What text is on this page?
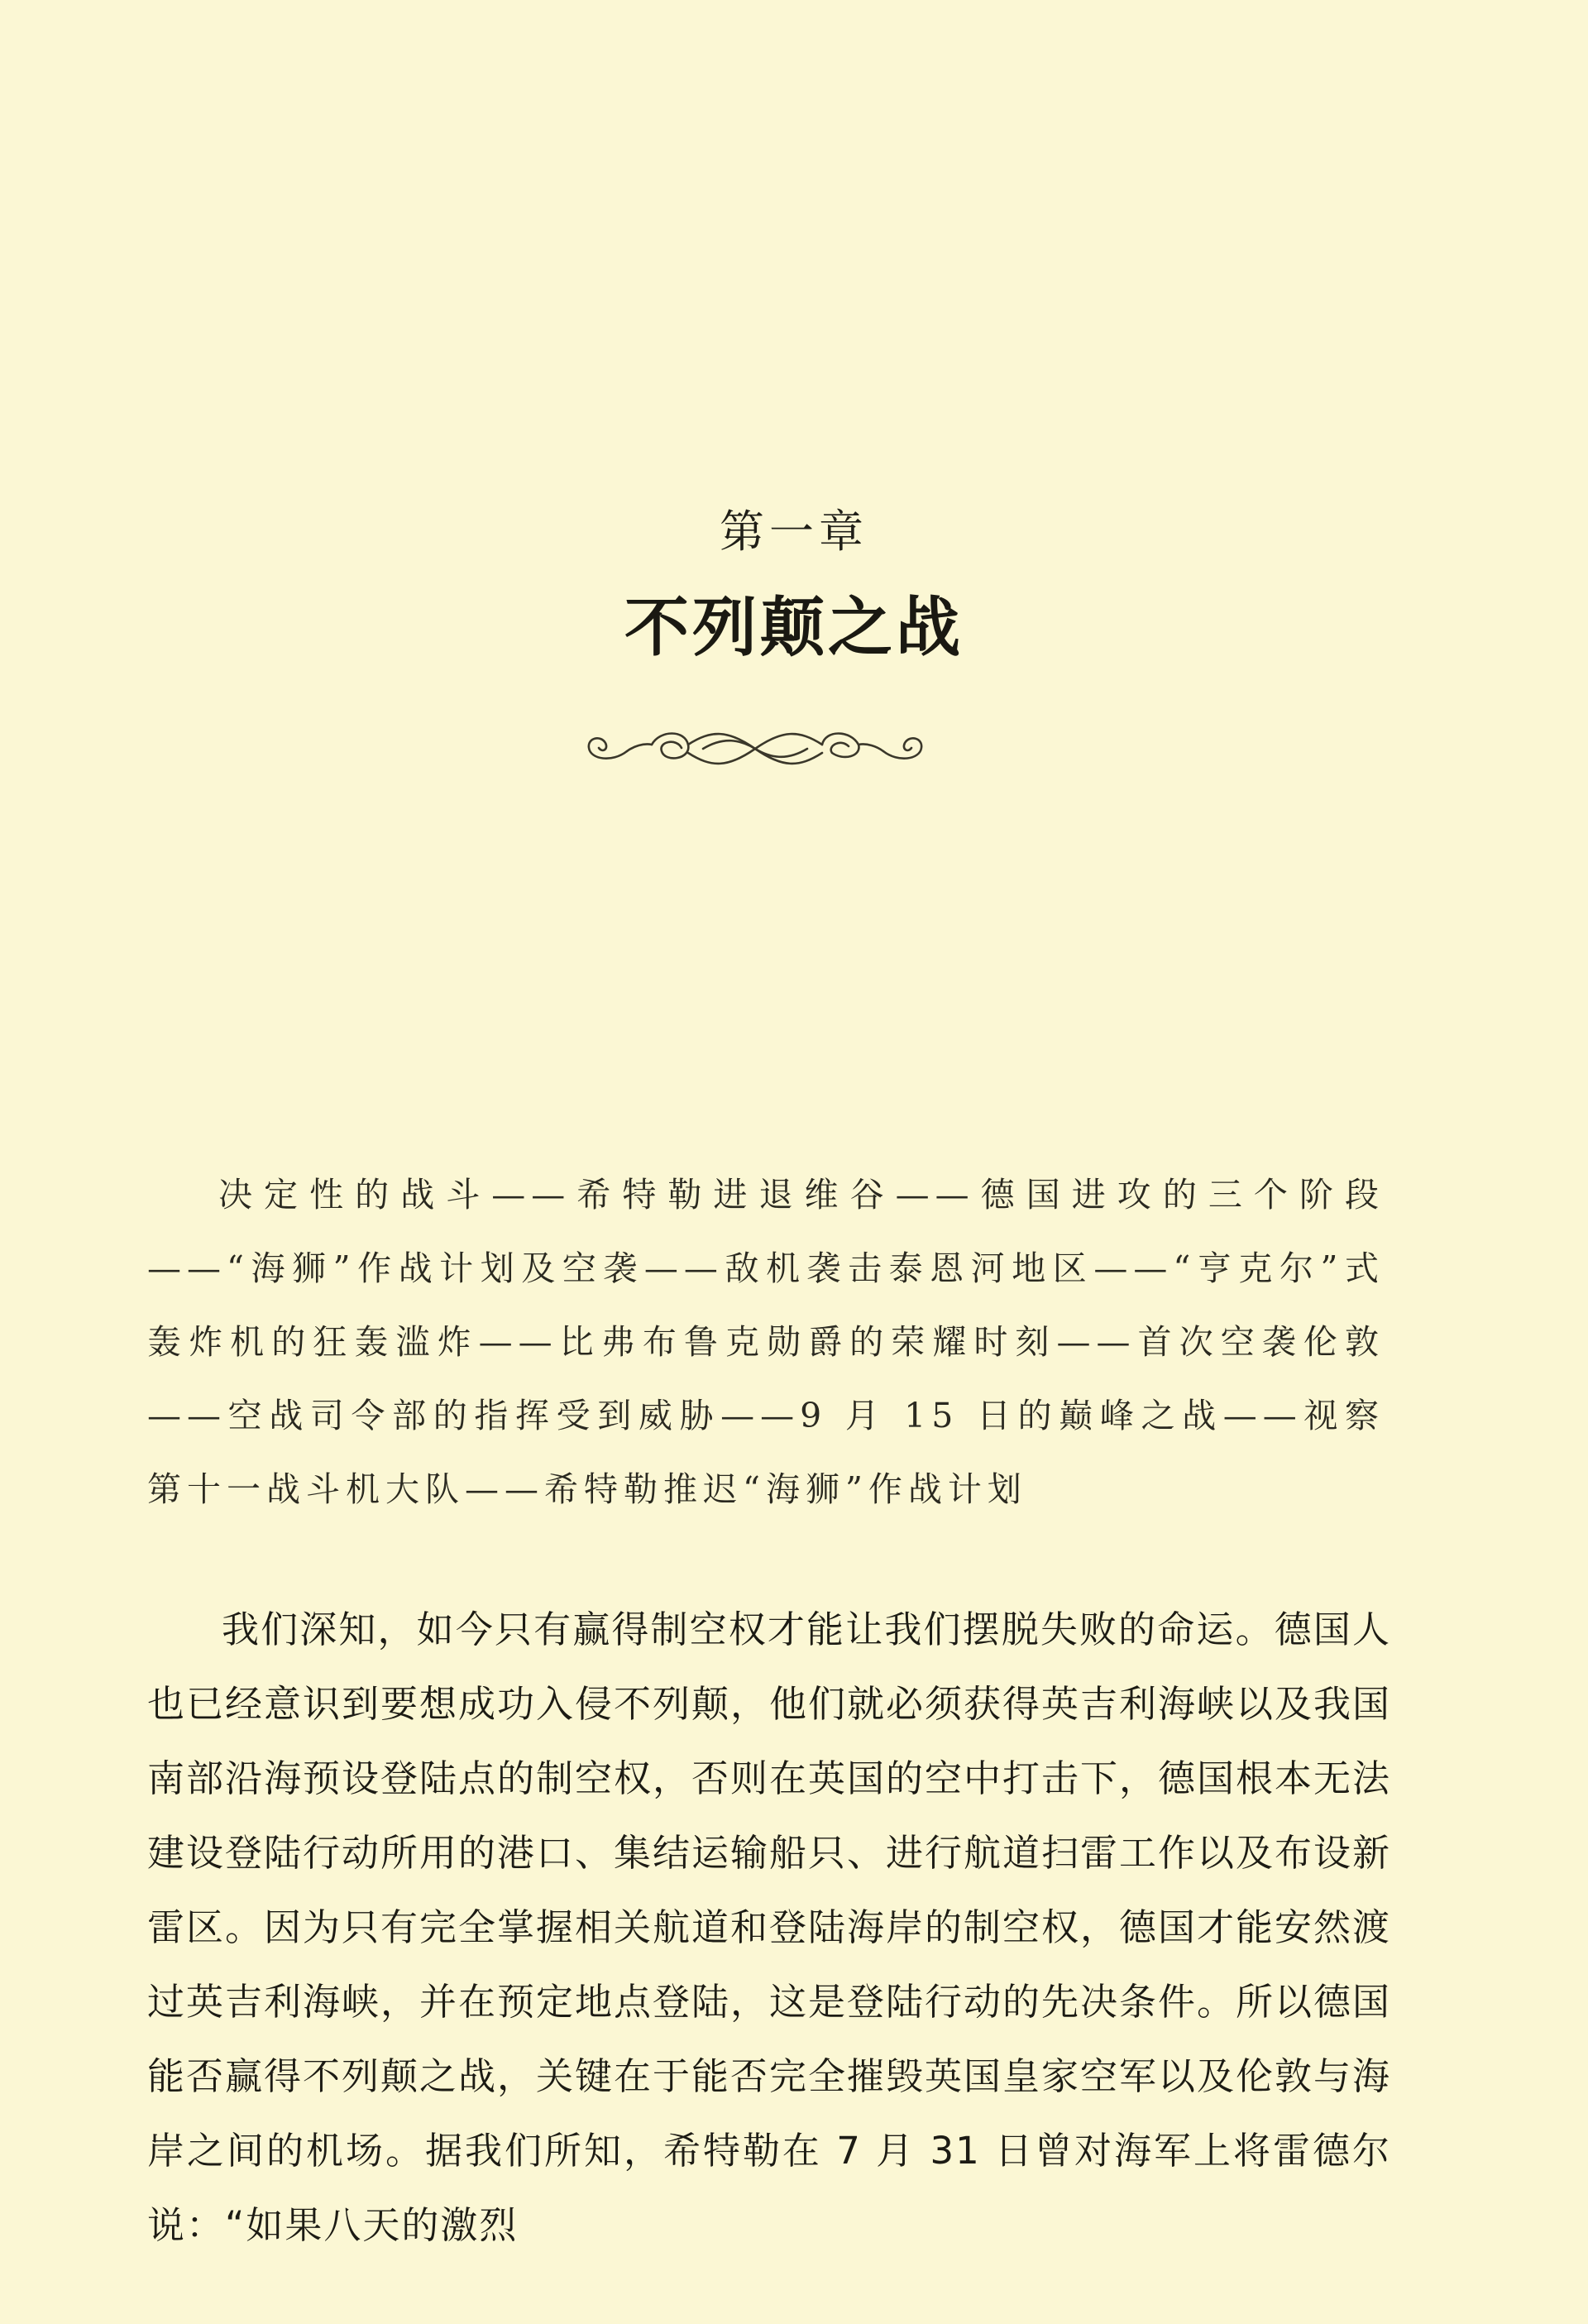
第一章
不列颠之战

决定性的战斗——希特勒进退维谷——德国进攻的三个阶段——“海狮”作战计划及空袭——敌机袭击泰恩河地区——“亨克尔”式轰炸机的狂轰滥炸——比弗布鲁克勋爵的荣耀时刻——首次空袭伦敦——空战司令部的指挥受到威胁——9 月 15 日的巅峰之战——视察第十一战斗机大队——希特勒推迟“海狮”作战计划

我们深知，如今只有赢得制空权才能让我们摆脱失败的命运。德国人也已经意识到要想成功入侵不列颠，他们就必须获得英吉利海峡以及我国南部沿海预设登陆点的制空权，否则在英国的空中打击下，德国根本无法建设登陆行动所用的港口、集结运输船只、进行航道扫雷工作以及布设新雷区。因为只有完全掌握相关航道和登陆海岸的制空权，德国才能安然渡过英吉利海峡，并在预定地点登陆，这是登陆行动的先决条件。所以德国能否赢得不列颠之战，关键在于能否完全摧毁英国皇家空军以及伦敦与海岸之间的机场。据我们所知，希特勒在 7 月 31 日曾对海军上将雷德尔说：“如果八天的激烈
